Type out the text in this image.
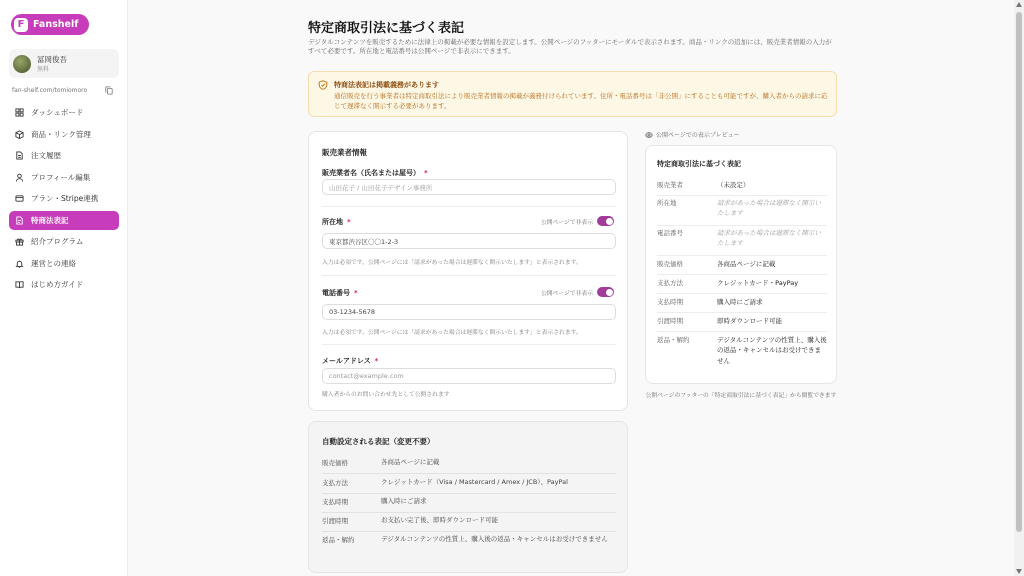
F Fanshelf
冨岡俊吾
無料
fan-shelf.com/tomiomoro
ダッシュボード
商品・リンク管理
注文履歴
プロフィール編集
プラン・Stripe連携
特商法表記
紹介プログラム
運営との連絡
はじめ方ガイド
特定商取引法に基づく表記

デジタルコンテンツを販売するために法律上の掲載が必要な情報を設定します。公開ページのフッターにモーダルで表示されます。商品・リンクの追加には、販売業者情報の入力がすべて必要です。所在地と電話番号は公開ページで非表示にできます。

特商法表記は掲載義務があります
通信販売を行う事業者は特定商取引法により販売業者情報の掲載が義務付けられています。住所・電話番号は「非公開」にすることも可能ですが、購入者からの請求に応じて遅滞なく開示する必要があります。
販売業者情報
販売業者名（氏名または屋号） *
山田花子 / 山田花子デザイン事務所
所在地 *	公開ページで非表示
東京都渋谷区〇〇1-2-3
入力は必須です。公開ページには「請求があった場合は遅滞なく開示いたします」と表示されます。
電話番号 *	公開ページで非表示
03-1234-5678
入力は必須です。公開ページには「請求があった場合は遅滞なく開示いたします」と表示されます。
メールアドレス *
contact@example.com
購入者からのお問い合わせ先として公開されます
自動設定される表記（変更不要）
販売価格	各商品ページに記載
支払方法	クレジットカード（Visa / Mastercard / Amex / JCB）、PayPal
支払時期	購入時にご請求
引渡時期	お支払い完了後、即時ダウンロード可能
返品・解約	デジタルコンテンツの性質上、購入後の返品・キャンセルはお受けできません
公開ページでの表示プレビュー
特定商取引法に基づく表記
販売業者	（未設定）
所在地	請求があった場合は遅滞なく開示いたします
電話番号	請求があった場合は遅滞なく開示いたします
販売価格	各商品ページに記載
支払方法	クレジットカード・PayPay
支払時期	購入時にご請求
引渡時期	即時ダウンロード可能
返品・解約	デジタルコンテンツの性質上、購入後の返品・キャンセルはお受けできません
公開ページのフッターの「特定商取引法に基づく表記」から閲覧できます
